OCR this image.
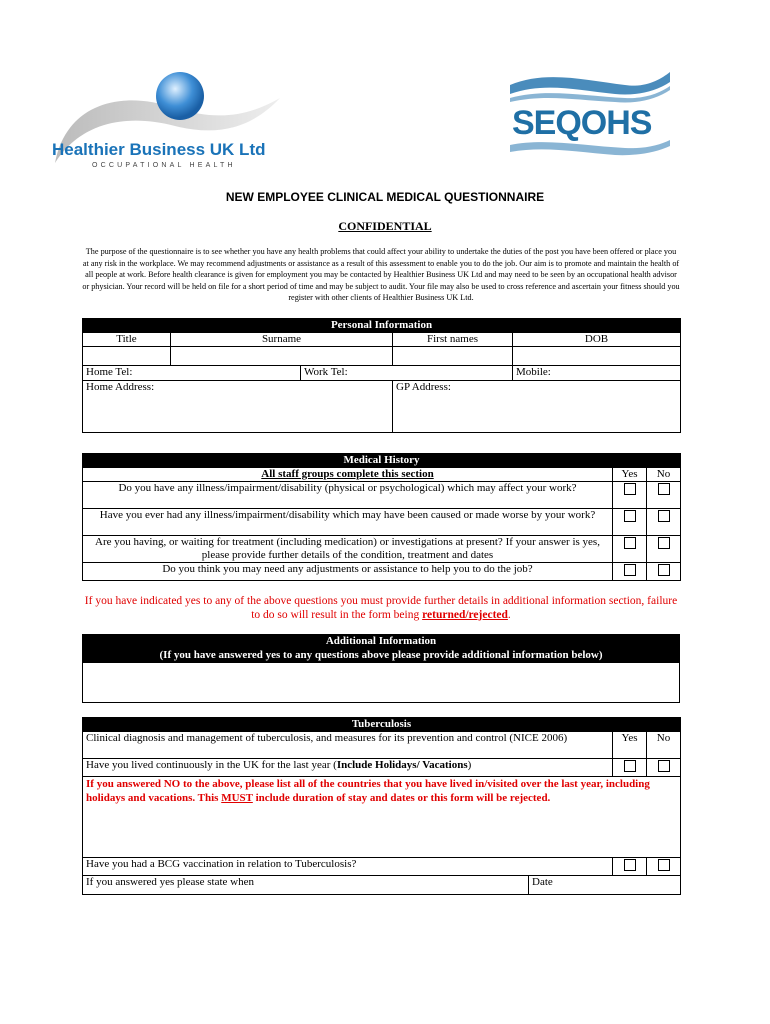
Healthier Business UK Ltd
OCCUPATIONAL HEALTH
SEQOHS
NEW EMPLOYEE CLINICAL MEDICAL QUESTIONNAIRE
CONFIDENTIAL
The purpose of the questionnaire is to see whether you have any health problems that could affect your ability to undertake the duties of the post you have been offered or place you at any risk in the workplace. We may recommend adjustments or assistance as a result of this assessment to enable you to do the job. Our aim is to promote and maintain the health of all people at work. Before health clearance is given for employment you may be contacted by Healthier Business UK Ltd and may need to be seen by an occupational health advisor or physician. Your record will be held on file for a short period of time and may be subject to audit. Your file may also be used to cross reference and ascertain your fitness should you register with other clients of Healthier Business UK Ltd.
Personal Information				
Title	Surname		First names	DOB

Home Tel:		Work Tel:		Mobile:
Home Address:			GP Address:	
Medical History		
All staff groups complete this section	Yes	No
Do you have any illness/impairment/disability (physical or psychological) which may affect your work?		
Have you ever had any illness/impairment/disability which may have been caused or made worse by your work?		
Are you having, or waiting for treatment (including medication) or investigations at present? If your answer is yes, please provide further details of the condition, treatment and dates		
Do you think you may need any adjustments or assistance to help you to do the job?		
If you have indicated yes to any of the above questions you must provide further details in additional information section, failure to do so will result in the form being returned/rejected.
Additional Information
(If you have answered yes to any questions above please provide additional information below)

Tuberculosis			
Clinical diagnosis and management of tuberculosis, and measures for its prevention and control (NICE 2006)		Yes	No
Have you lived continuously in the UK for the last year (Include Holidays/ Vacations)			
If you answered NO to the above, please list all of the countries that you have lived in/visited over the last year, including holidays and vacations. This MUST include duration of stay and dates or this form will be rejected.			
Have you had a BCG vaccination in relation to Tuberculosis?			
If you answered yes please state when	Date		
